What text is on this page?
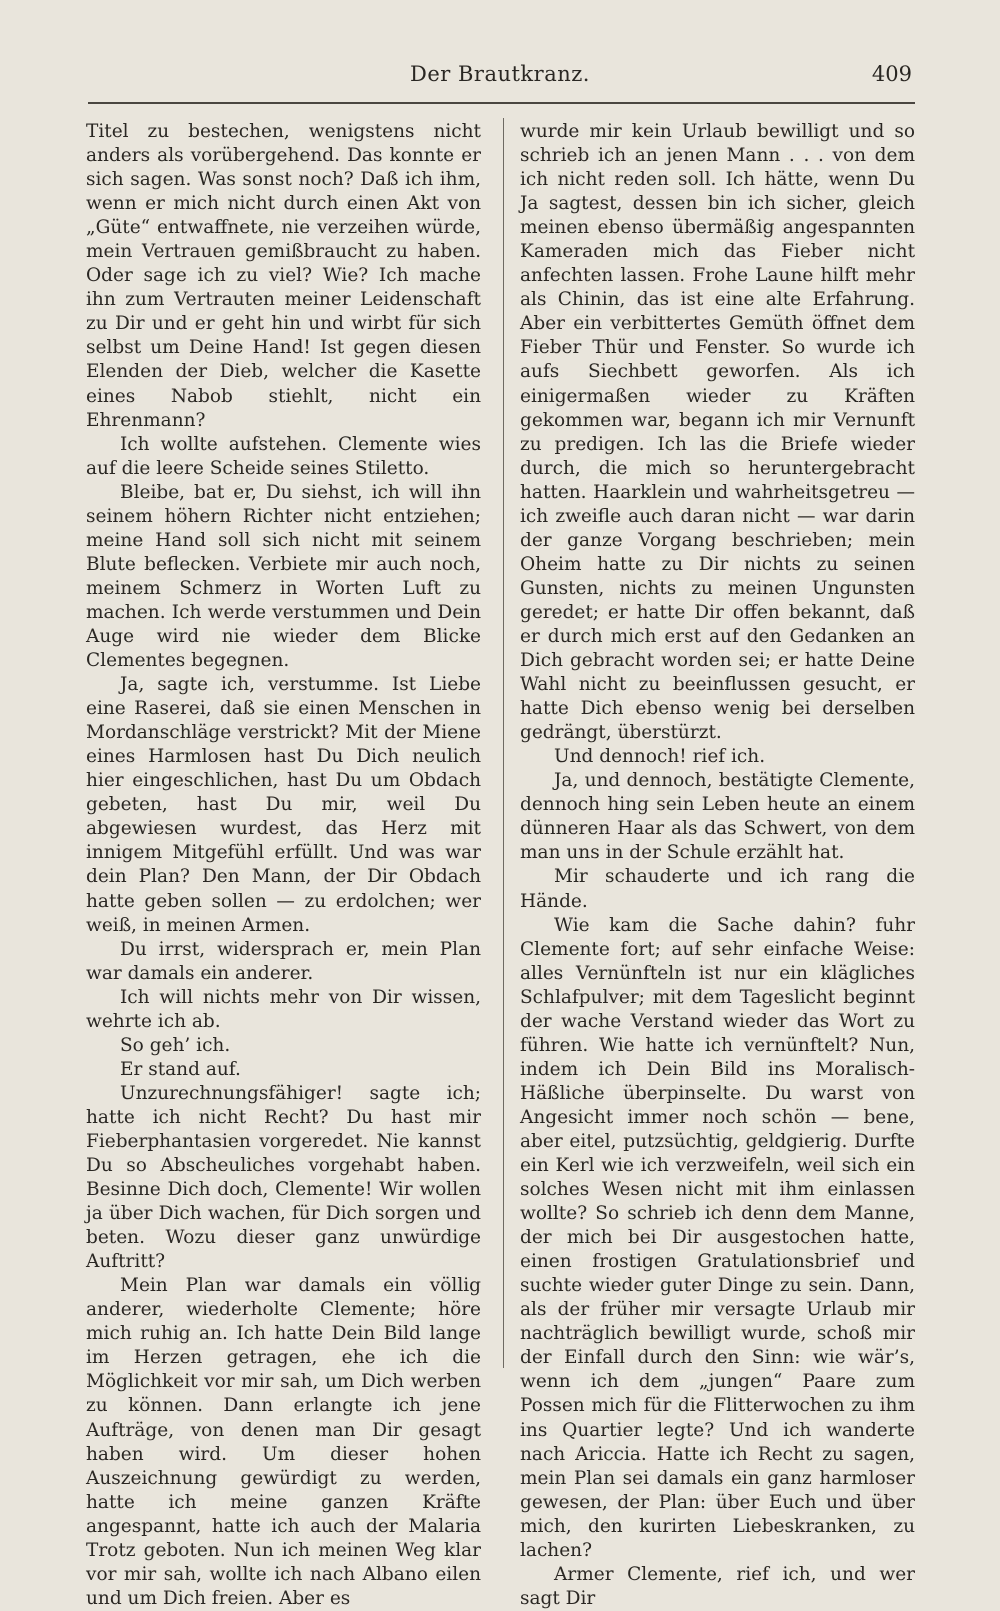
Der Brautkranz.	409

Titel zu bestechen, wenigstens nicht anders als vorübergehend. Das konnte er sich sagen. Was sonst noch? Daß ich ihm, wenn er mich nicht durch einen Akt von „Güte“ entwaffnete, nie verzeihen würde, mein Vertrauen gemißbraucht zu haben. Oder sage ich zu viel? Wie? Ich mache ihn zum Vertrauten meiner Leidenschaft zu Dir und er geht hin und wirbt für sich selbst um Deine Hand! Ist gegen diesen Elenden der Dieb, welcher die Kasette eines Nabob stiehlt, nicht ein Ehrenmann?

Ich wollte aufstehen. Clemente wies auf die leere Scheide seines Stiletto.

Bleibe, bat er, Du siehst, ich will ihn seinem höhern Richter nicht entziehen; meine Hand soll sich nicht mit seinem Blute beflecken. Verbiete mir auch noch, meinem Schmerz in Worten Luft zu machen. Ich werde verstummen und Dein Auge wird nie wieder dem Blicke Clementes begegnen.

Ja, sagte ich, verstumme. Ist Liebe eine Raserei, daß sie einen Menschen in Mordanschläge verstrickt? Mit der Miene eines Harmlosen hast Du Dich neulich hier eingeschlichen, hast Du um Obdach gebeten, hast Du mir, weil Du abgewiesen wurdest, das Herz mit innigem Mitgefühl erfüllt. Und was war dein Plan? Den Mann, der Dir Obdach hatte geben sollen — zu erdolchen; wer weiß, in meinen Armen.

Du irrst, widersprach er, mein Plan war damals ein anderer.

Ich will nichts mehr von Dir wissen, wehrte ich ab.

So geh’ ich.

Er stand auf.

Unzurechnungsfähiger! sagte ich; hatte ich nicht Recht? Du hast mir Fieberphantasien vorgeredet. Nie kannst Du so Abscheuliches vorgehabt haben. Besinne Dich doch, Clemente! Wir wollen ja über Dich wachen, für Dich sorgen und beten. Wozu dieser ganz unwürdige Auftritt?

Mein Plan war damals ein völlig anderer, wiederholte Clemente; höre mich ruhig an. Ich hatte Dein Bild lange im Herzen getragen, ehe ich die Möglichkeit vor mir sah, um Dich werben zu können. Dann erlangte ich jene Aufträge, von denen man Dir gesagt haben wird. Um dieser hohen Auszeichnung gewürdigt zu werden, hatte ich meine ganzen Kräfte angespannt, hatte ich auch der Malaria Trotz geboten. Nun ich meinen Weg klar vor mir sah, wollte ich nach Albano eilen und um Dich freien. Aber es

wurde mir kein Urlaub bewilligt und so schrieb ich an jenen Mann . . . von dem ich nicht reden soll. Ich hätte, wenn Du Ja sagtest, dessen bin ich sicher, gleich meinen ebenso übermäßig angespannten Kameraden mich das Fieber nicht anfechten lassen. Frohe Laune hilft mehr als Chinin, das ist eine alte Erfahrung. Aber ein verbittertes Gemüth öffnet dem Fieber Thür und Fenster. So wurde ich aufs Siechbett geworfen. Als ich einigermaßen wieder zu Kräften gekommen war, begann ich mir Vernunft zu predigen. Ich las die Briefe wieder durch, die mich so heruntergebracht hatten. Haarklein und wahrheitsgetreu — ich zweifle auch daran nicht — war darin der ganze Vorgang beschrieben; mein Oheim hatte zu Dir nichts zu seinen Gunsten, nichts zu meinen Ungunsten geredet; er hatte Dir offen bekannt, daß er durch mich erst auf den Gedanken an Dich gebracht worden sei; er hatte Deine Wahl nicht zu beeinflussen gesucht, er hatte Dich ebenso wenig bei derselben gedrängt, überstürzt.

Und dennoch! rief ich.

Ja, und dennoch, bestätigte Clemente, dennoch hing sein Leben heute an einem dünneren Haar als das Schwert, von dem man uns in der Schule erzählt hat.

Mir schauderte und ich rang die Hände.

Wie kam die Sache dahin? fuhr Clemente fort; auf sehr einfache Weise: alles Vernünfteln ist nur ein klägliches Schlafpulver; mit dem Tageslicht beginnt der wache Verstand wieder das Wort zu führen. Wie hatte ich vernünftelt? Nun, indem ich Dein Bild ins Moralisch-Häßliche überpinselte. Du warst von Angesicht immer noch schön — bene, aber eitel, putzsüchtig, geldgierig. Durfte ein Kerl wie ich verzweifeln, weil sich ein solches Wesen nicht mit ihm einlassen wollte? So schrieb ich denn dem Manne, der mich bei Dir ausgestochen hatte, einen frostigen Gratulationsbrief und suchte wieder guter Dinge zu sein. Dann, als der früher mir versagte Urlaub mir nachträglich bewilligt wurde, schoß mir der Einfall durch den Sinn: wie wär’s, wenn ich dem „jungen“ Paare zum Possen mich für die Flitterwochen zu ihm ins Quartier legte? Und ich wanderte nach Ariccia. Hatte ich Recht zu sagen, mein Plan sei damals ein ganz harmloser gewesen, der Plan: über Euch und über mich, den kurirten Liebeskranken, zu lachen?

Armer Clemente, rief ich, und wer sagt Dir
